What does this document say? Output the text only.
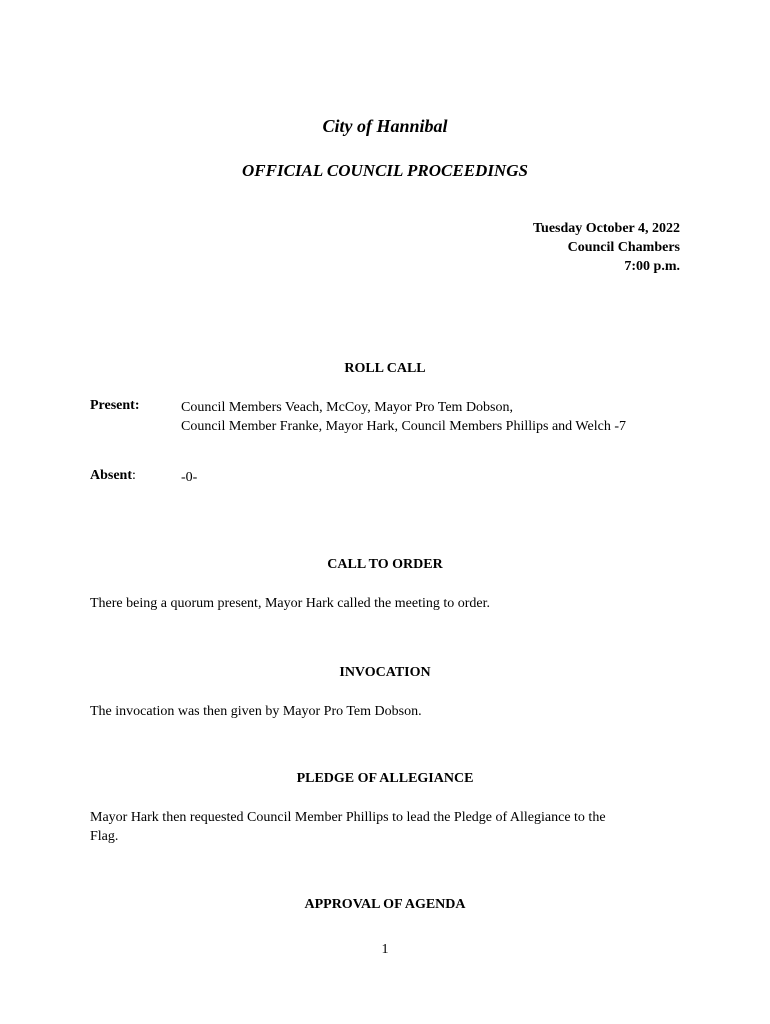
City of Hannibal
OFFICIAL COUNCIL PROCEEDINGS
Tuesday October 4, 2022
Council Chambers
7:00 p.m.
ROLL CALL
Present:	Council Members Veach, McCoy, Mayor Pro Tem Dobson,
Council Member Franke, Mayor Hark, Council Members Phillips and Welch -7
Absent:	-0-
CALL TO ORDER
There being a quorum present, Mayor Hark called the meeting to order.
INVOCATION
The invocation was then given by Mayor Pro Tem Dobson.
PLEDGE OF ALLEGIANCE
Mayor Hark then requested Council Member Phillips to lead the Pledge of Allegiance to the
Flag.
APPROVAL OF AGENDA
1
